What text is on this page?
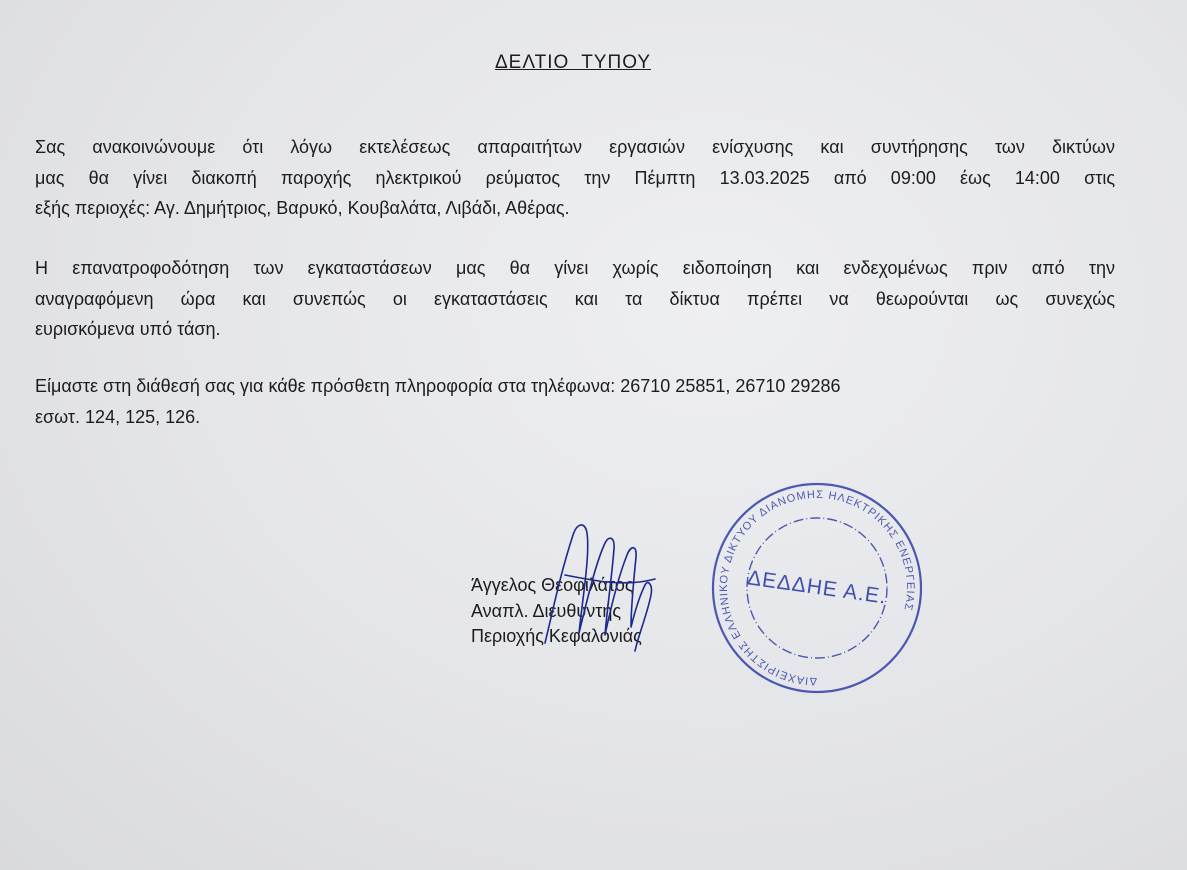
ΔΕΛΤΙΟ ΤΥΠΟΥ
Σας ανακοινώνουμε ότι λόγω εκτελέσεως απαραιτήτων εργασιών ενίσχυσης και συντήρησης των δικτύων
μας θα γίνει διακοπή παροχής ηλεκτρικού ρεύματος την Πέμπτη 13.03.2025 από 09:00 έως 14:00 στις
εξής περιοχές: Αγ. Δημήτριος, Βαρυκό, Κουβαλάτα, Λιβάδι, Αθέρας.
Η επανατροφοδότηση των εγκαταστάσεων μας θα γίνει χωρίς ειδοποίηση και ενδεχομένως πριν από την
αναγραφόμενη ώρα και συνεπώς οι εγκαταστάσεις και τα δίκτυα πρέπει να θεωρούνται ως συνεχώς
ευρισκόμενα υπό τάση.
Είμαστε στη διάθεσή σας για κάθε πρόσθετη πληροφορία στα τηλέφωνα: 26710 25851, 26710 29286
εσωτ. 124, 125, 126.
Άγγελος Θεοφιλάτος
Αναπλ. Διευθυντής
Περιοχής Κεφαλονιάς
ΔΙΑΧΕΙΡΙΣΤΗΣ ΕΛΛΗΝΙΚΟΥ ΔΙΚΤΥΟΥ ΔΙΑΝΟΜΗΣ ΗΛΕΚΤΡΙΚΗΣ ΕΝΕΡΓΕΙΑΣ
ΔΕΔΔΗΕ Α.Ε.
